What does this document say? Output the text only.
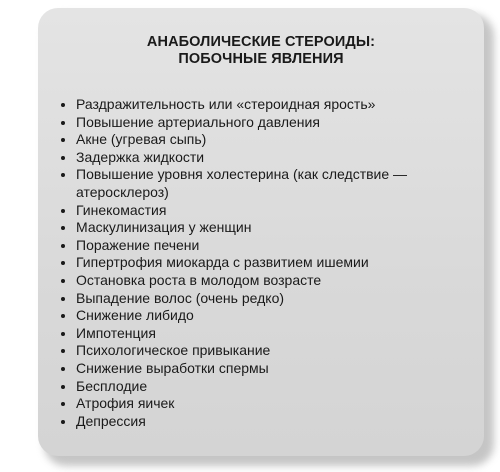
АНАБОЛИЧЕСКИЕ СТЕРОИДЫ:
ПОБОЧНЫЕ ЯВЛЕНИЯ
Раздражительность или «стероидная ярость»
Повышение артериального давления
Акне (угревая сыпь)
Задержка жидкости
Повышение уровня холестерина (как следствие — атеросклероз)
Гинекомастия
Маскулинизация у женщин
Поражение печени
Гипертрофия миокарда с развитием ишемии
Остановка роста в молодом возрасте
Выпадение волос (очень редко)
Снижение либидо
Импотенция
Психологическое привыкание
Снижение выработки спермы
Бесплодие
Атрофия яичек
Депрессия
